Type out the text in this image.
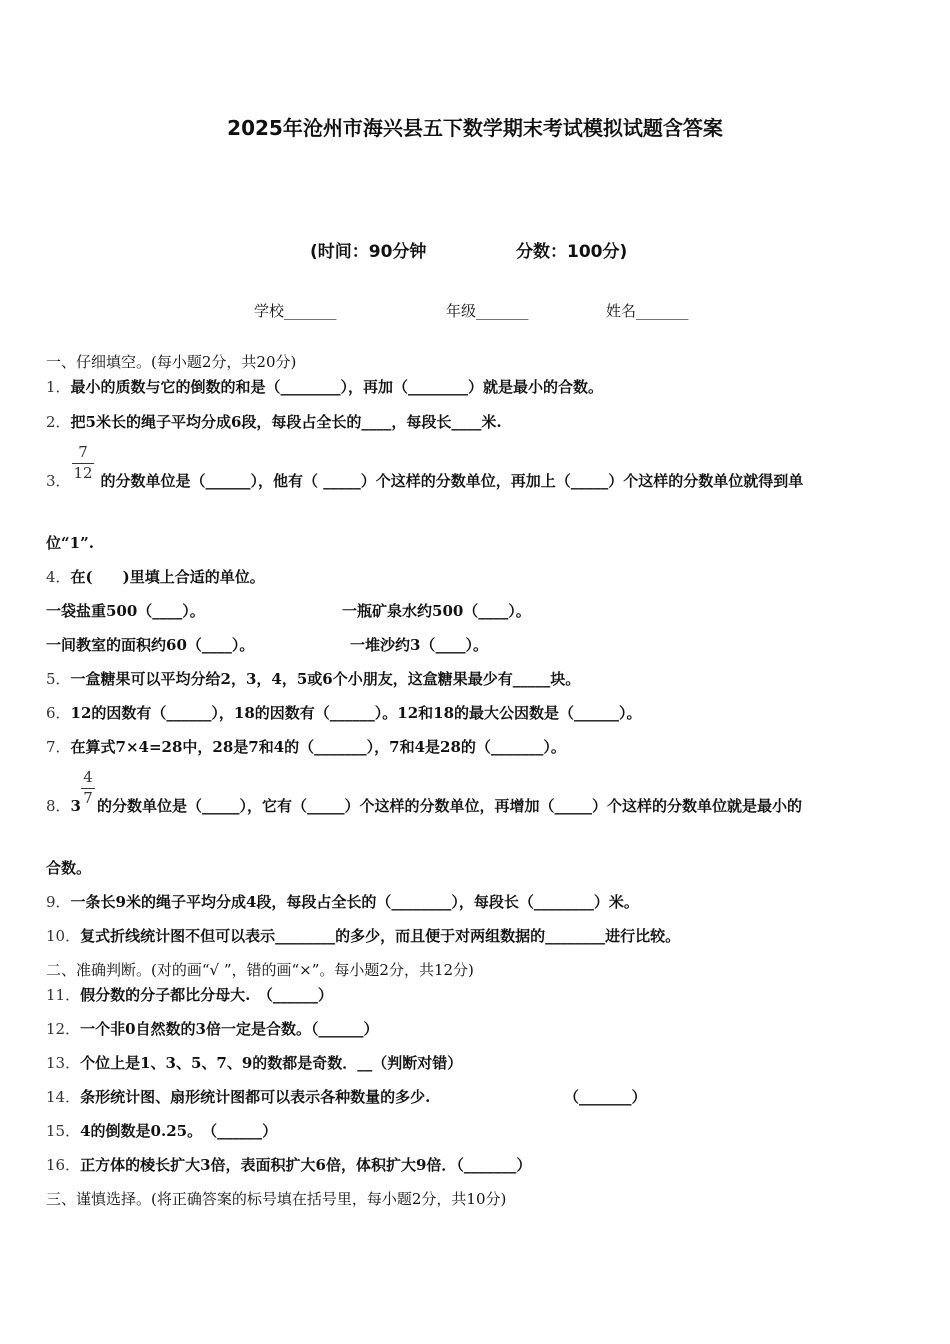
2025年沧州市海兴县五下数学期末考试模拟试题含答案
(时间：90分钟	分数：100分)
学校_______	年级_______	姓名_______
一、仔细填空。(每小题2分，共20分)
1．最小的质数与它的倒数的和是（________），再加（________）就是最小的合数。
2．把5米长的绳子平均分成6段，每段占全长的____，每段长____米.
3． 的分数单位是（______），他有（ _____）个这样的分数单位，再加上（_____）个这样的分数单位就得到单
7
12
位“1”.
4．在(　　)里填上合适的单位。
一袋盐重500（____）。	一瓶矿泉水约500（____）。
一间教室的面积约60（____）。	一堆沙约3（____）。
5．一盒糖果可以平均分给2，3，4，5或6个小朋友，这盒糖果最少有_____块。
6．12的因数有（______），18的因数有（______）。12和18的最大公因数是（______）。
7．在算式7×4=28中，28是7和4的（_______），7和4是28的（_______）。
8．3 的分数单位是（_____），它有（_____）个这样的分数单位，再增加（_____）个这样的分数单位就是最小的
4
7
合数。
9．一条长9米的绳子平均分成4段，每段占全长的（________），每段长（________）米。
10．复式折线统计图不但可以表示________的多少，而且便于对两组数据的________进行比较。
二、准确判断。(对的画“√ ”，错的画“×”。每小题2分，共12分)
11．假分数的分子都比分母大.　（______）
12．一个非0自然数的3倍一定是合数。（______）
13．个位上是1、3、5、7、9的数都是奇数．__（判断对错）
14．条形统计图、扇形统计图都可以表示各种数量的多少.	（_______）
15．4的倒数是0.25。　（______）
16．正方体的棱长扩大3倍，表面积扩大6倍，体积扩大9倍．（_______）
三、谨慎选择。(将正确答案的标号填在括号里，每小题2分，共10分)
